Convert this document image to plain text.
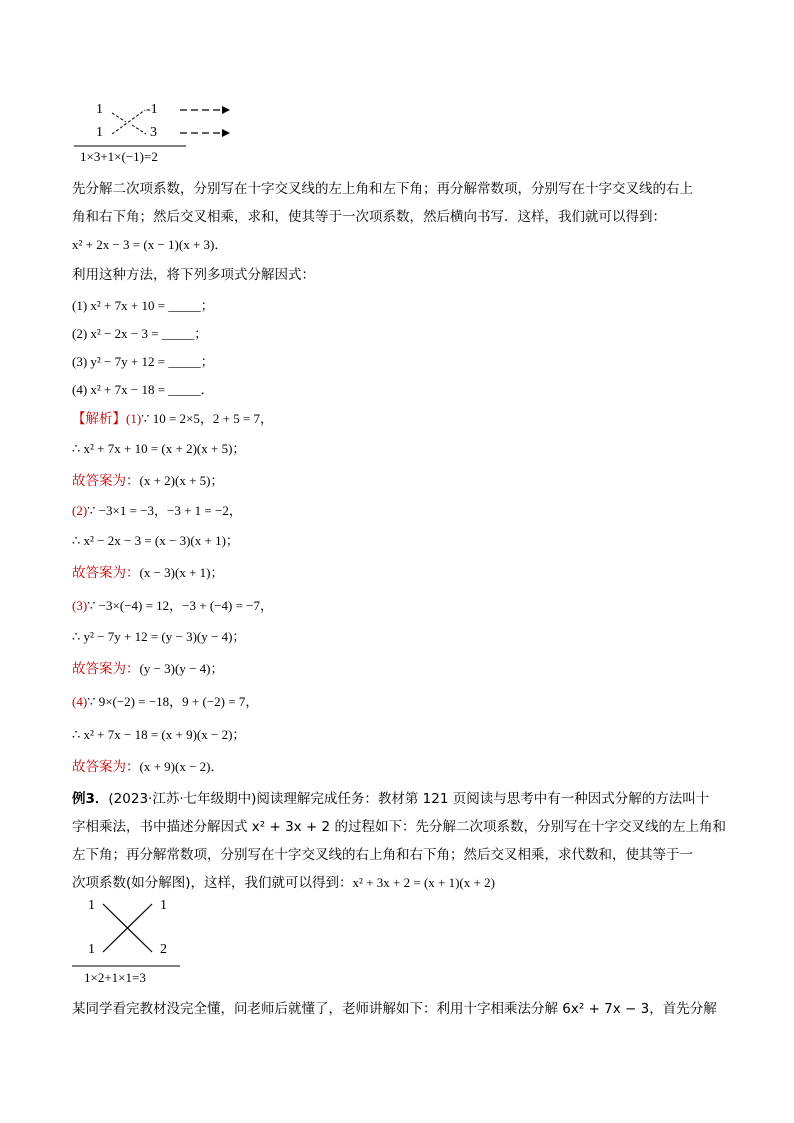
1
1
-1
3
1×3+1×(−1)=2
先分解二次项系数，分别写在十字交叉线的左上角和左下角；再分解常数项，分别写在十字交叉线的右上
角和右下角；然后交叉相乘，求和，使其等于一次项系数，然后横向书写．这样，我们就可以得到：
x² + 2x − 3 = (x − 1)(x + 3)．
利用这种方法，将下列多项式分解因式：
(1) x² + 7x + 10 = _____；
(2) x² − 2x − 3 = _____；
(3) y² − 7y + 12 = _____；
(4) x² + 7x − 18 = _____．
【解析】(1)∵ 10 = 2×5，2 + 5 = 7，
∴ x² + 7x + 10 = (x + 2)(x + 5)；
故答案为：(x + 2)(x + 5)；
(2)∵ −3×1 = −3，−3 + 1 = −2，
∴ x² − 2x − 3 = (x − 3)(x + 1)；
故答案为：(x − 3)(x + 1)；
(3)∵ −3×(−4) = 12，−3 + (−4) = −7，
∴ y² − 7y + 12 = (y − 3)(y − 4)；
故答案为：(y − 3)(y − 4)；
(4)∵ 9×(−2) = −18，9 + (−2) = 7，
∴ x² + 7x − 18 = (x + 9)(x − 2)；
故答案为：(x + 9)(x − 2)．
例3．(2023·江苏·七年级期中)阅读理解完成任务：教材第 121 页阅读与思考中有一种因式分解的方法叫十
字相乘法，书中描述分解因式 x² + 3x + 2 的过程如下：先分解二次项系数，分别写在十字交叉线的左上角和
左下角；再分解常数项，分别写在十字交叉线的右上角和右下角；然后交叉相乘，求代数和，使其等于一
次项系数(如分解图)，这样，我们就可以得到：x² + 3x + 2 = (x + 1)(x + 2)
1
1
1
2
1×2+1×1=3
某同学看完教材没完全懂，问老师后就懂了，老师讲解如下：利用十字相乘法分解 6x² + 7x − 3，首先分解
